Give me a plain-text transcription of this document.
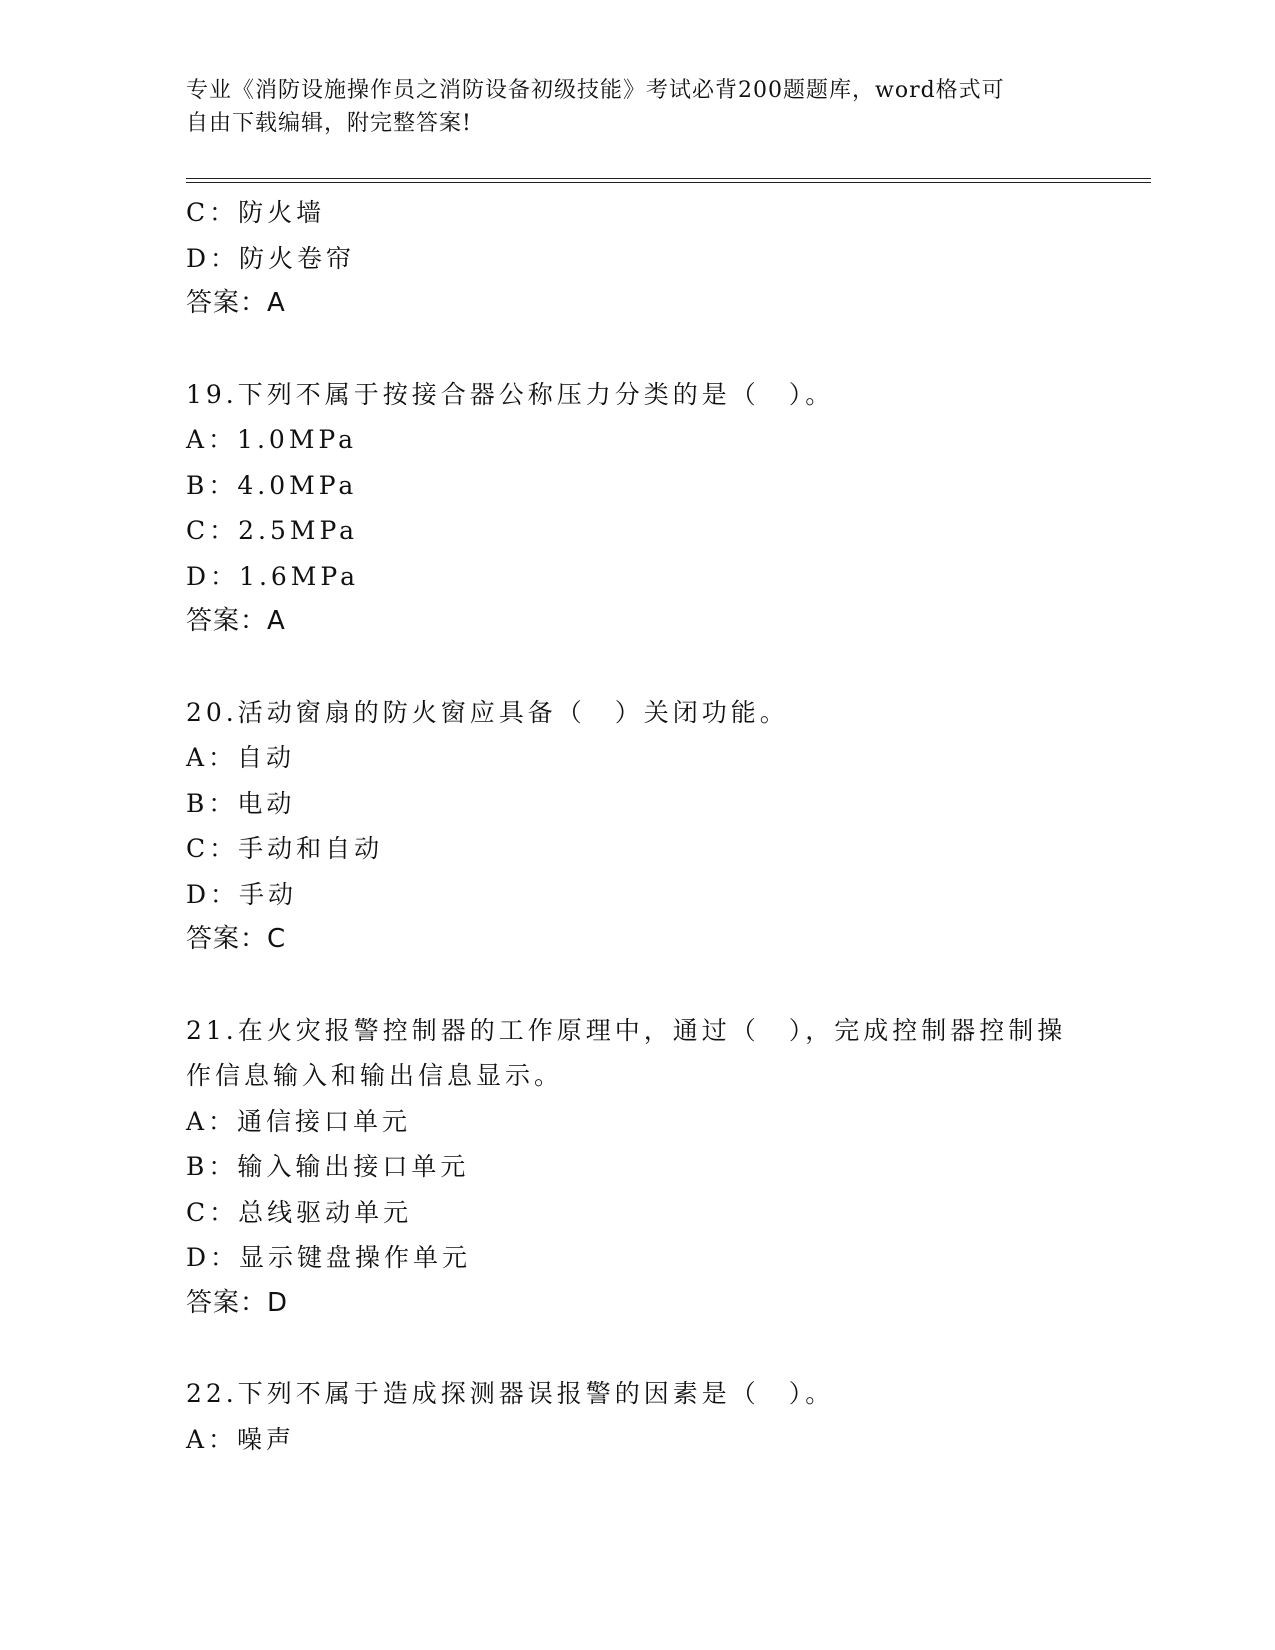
专业《消防设施操作员之消防设备初级技能》考试必背200题题库，word格式可
自由下载编辑，附完整答案!
C：防火墙
D：防火卷帘
答案：A
19.下列不属于按接合器公称压力分类的是（　）。
A：1.0MPa
B：4.0MPa
C：2.5MPa
D：1.6MPa
答案：A
20.活动窗扇的防火窗应具备（　）关闭功能。
A：自动
B：电动
C：手动和自动
D：手动
答案：C
21.在火灾报警控制器的工作原理中，通过（　），完成控制器控制操
作信息输入和输出信息显示。
A：通信接口单元
B：输入输出接口单元
C：总线驱动单元
D：显示键盘操作单元
答案：D
22.下列不属于造成探测器误报警的因素是（　）。
A：噪声
